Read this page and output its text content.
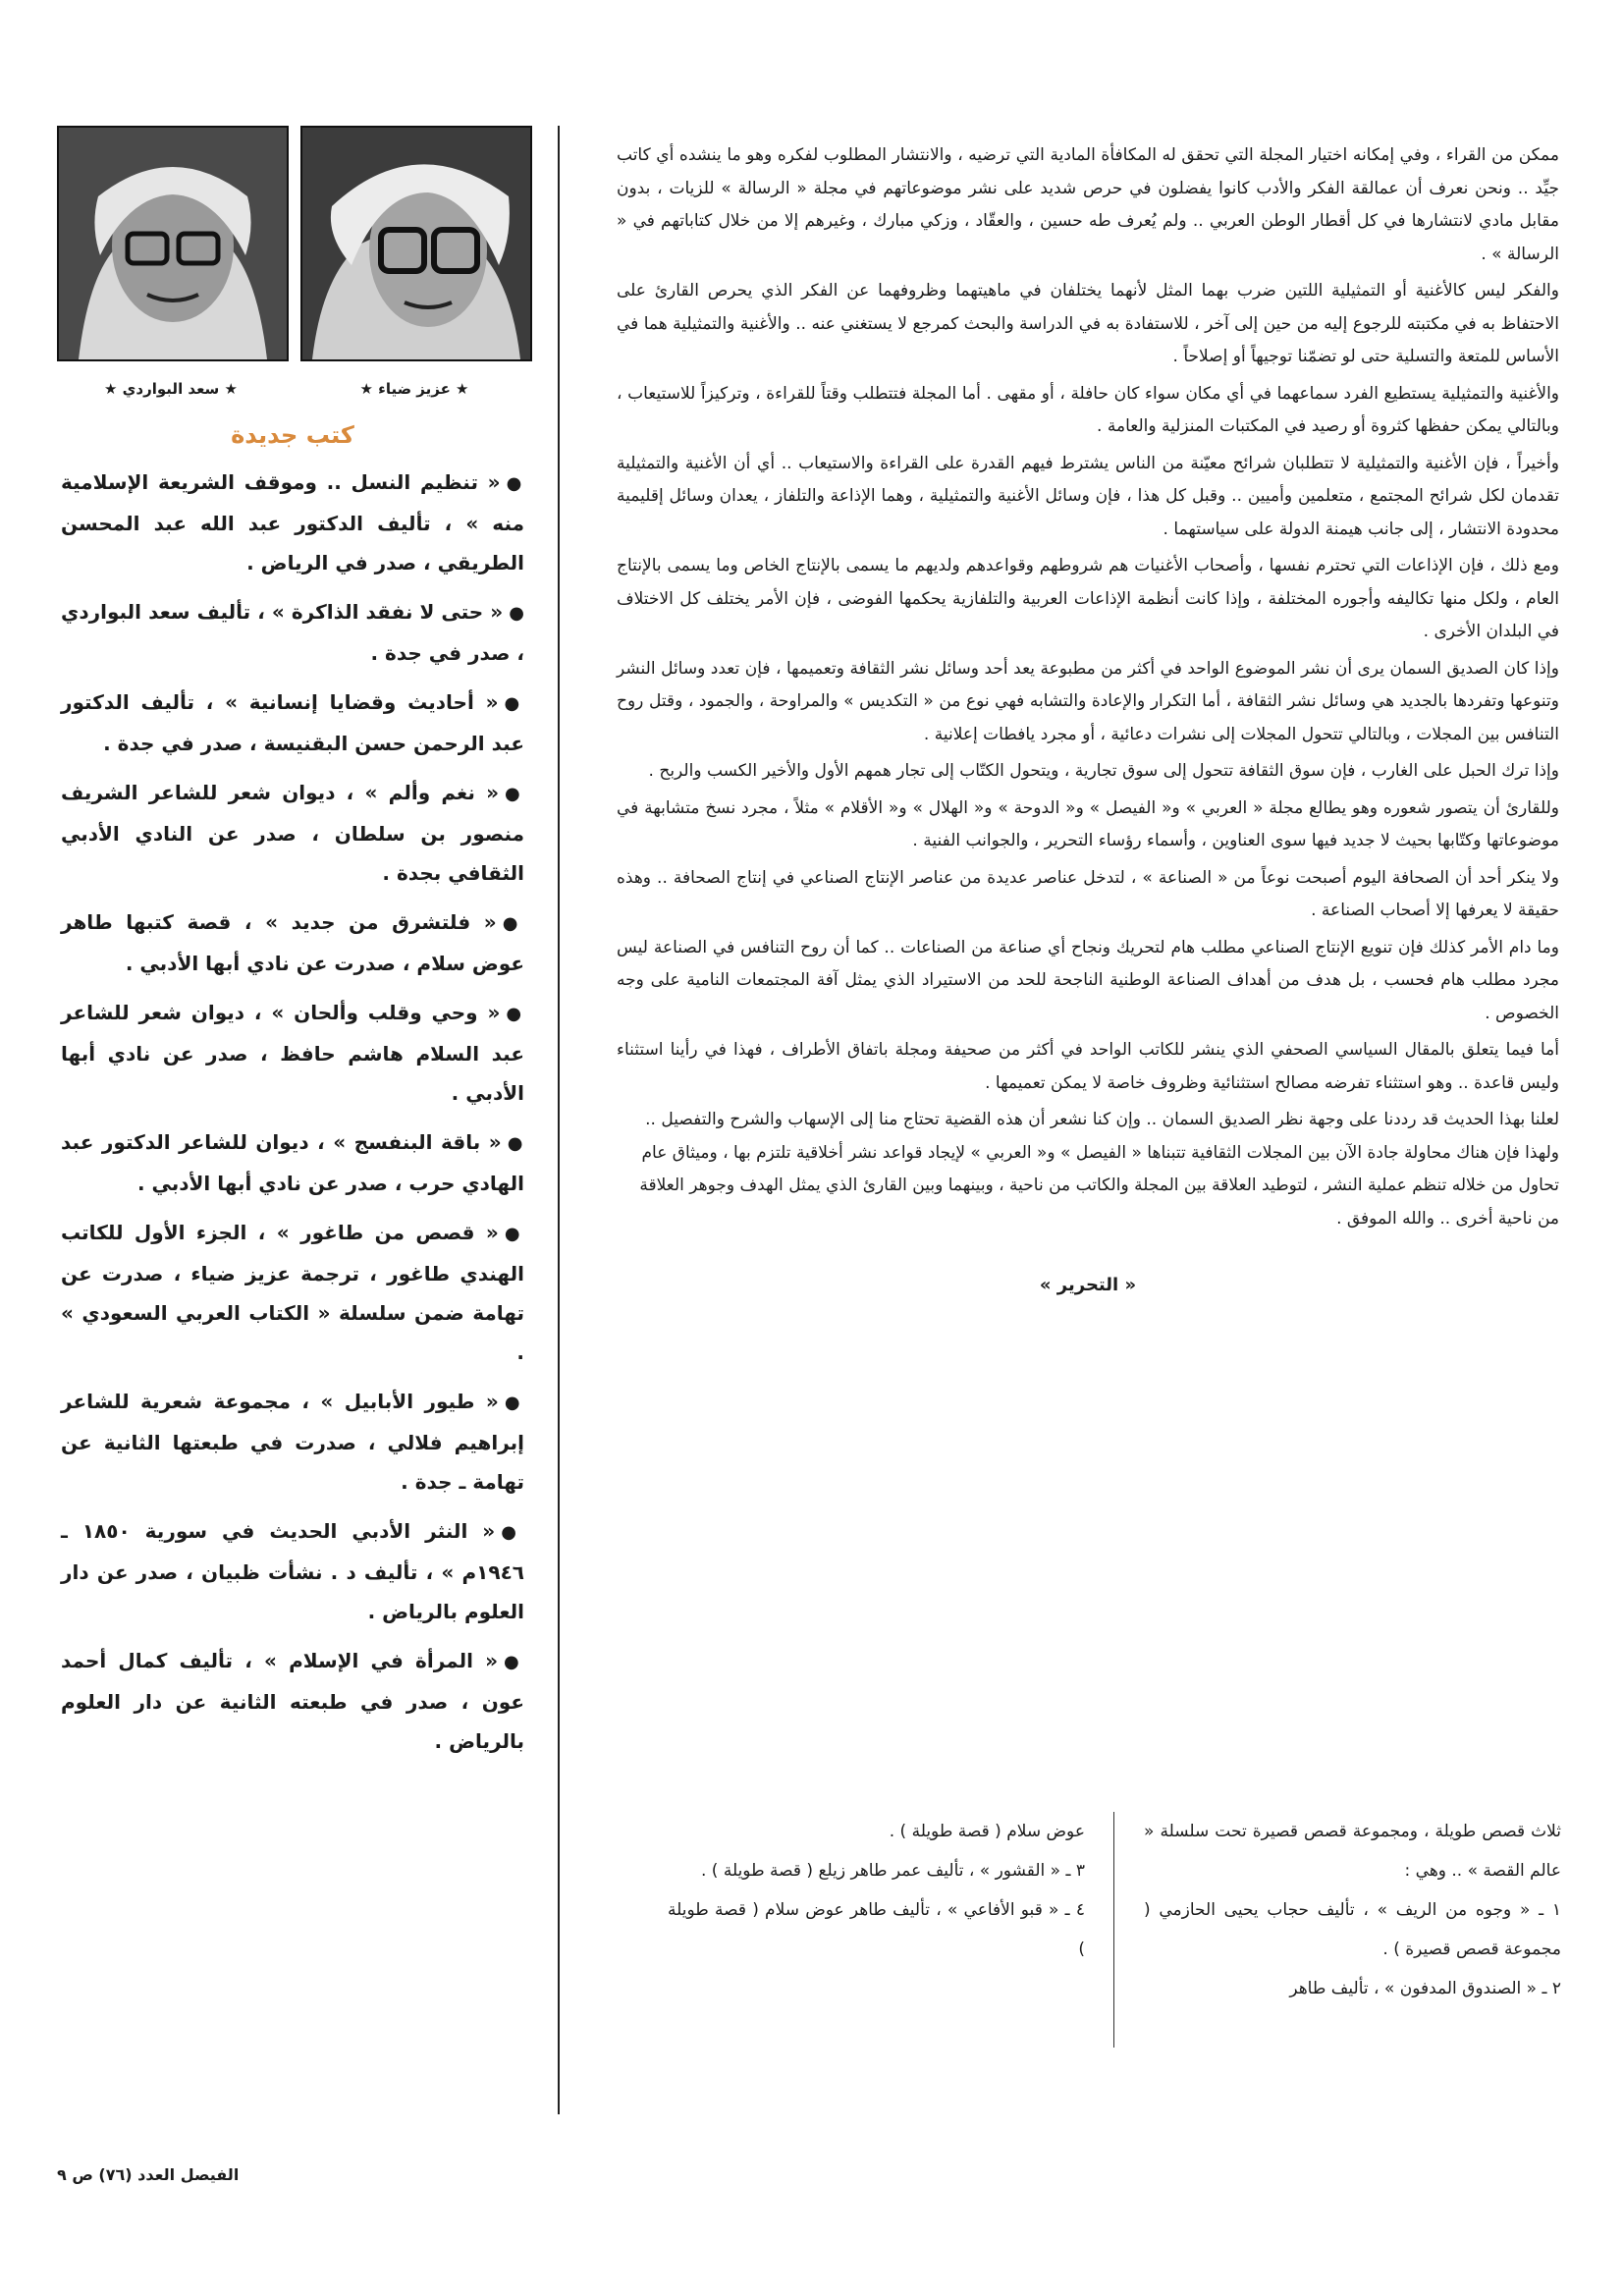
ممكن من القراء ، وفي إمكانه اختيار المجلة التي تحقق له المكافأة المادية التي ترضيه ، والانتشار المطلوب لفكره وهو ما ينشده أي كاتب جيِّد .. ونحن نعرف أن عمالقة الفكر والأدب كانوا يفضلون في حرص شديد على نشر موضوعاتهم في مجلة « الرسالة » للزيات ، بدون مقابل مادي لانتشارها في كل أقطار الوطن العربي .. ولم يُعرف طه حسين ، والعقّاد ، وزكي مبارك ، وغيرهم إلا من خلال كتاباتهم في « الرسالة » .

والفكر ليس كالأغنية أو التمثيلية اللتين ضرب بهما المثل لأنهما يختلفان في ماهيتهما وظروفهما عن الفكر الذي يحرص القارئ على الاحتفاظ به في مكتبته للرجوع إليه من حين إلى آخر ، للاستفادة به في الدراسة والبحث كمرجع لا يستغني عنه .. والأغنية والتمثيلية هما في الأساس للمتعة والتسلية حتى لو تضمّنا توجيهاً أو إصلاحاً .

والأغنية والتمثيلية يستطيع الفرد سماعهما في أي مكان سواء كان حافلة ، أو مقهى . أما المجلة فتتطلب وقتاً للقراءة ، وتركيزاً للاستيعاب ، وبالتالي يمكن حفظها كثروة أو رصيد في المكتبات المنزلية والعامة .

وأخيراً ، فإن الأغنية والتمثيلية لا تتطلبان شرائح معيّنة من الناس يشترط فيهم القدرة على القراءة والاستيعاب .. أي أن الأغنية والتمثيلية تقدمان لكل شرائح المجتمع ، متعلمين وأميين .. وقبل كل هذا ، فإن وسائل الأغنية والتمثيلية ، وهما الإذاعة والتلفاز ، يعدان وسائل إقليمية محدودة الانتشار ، إلى جانب هيمنة الدولة على سياستهما .

ومع ذلك ، فإن الإذاعات التي تحترم نفسها ، وأصحاب الأغنيات هم شروطهم وقواعدهم ولديهم ما يسمى بالإنتاج الخاص وما يسمى بالإنتاج العام ، ولكل منها تكاليفه وأجوره المختلفة ، وإذا كانت أنظمة الإذاعات العربية والتلفازية يحكمها الفوضى ، فإن الأمر يختلف كل الاختلاف في البلدان الأخرى .

وإذا كان الصديق السمان يرى أن نشر الموضوع الواحد في أكثر من مطبوعة يعد أحد وسائل نشر الثقافة وتعميمها ، فإن تعدد وسائل النشر وتنوعها وتفردها بالجديد هي وسائل نشر الثقافة ، أما التكرار والإعادة والتشابه فهي نوع من « التكديس » والمراوحة ، والجمود ، وقتل روح التنافس بين المجلات ، وبالتالي تتحول المجلات إلى نشرات دعائية ، أو مجرد يافطات إعلانية .

وإذا ترك الحبل على الغارب ، فإن سوق الثقافة تتحول إلى سوق تجارية ، ويتحول الكتّاب إلى تجار همهم الأول والأخير الكسب والربح .

وللقارئ أن يتصور شعوره وهو يطالع مجلة « العربي » و« الفيصل » و« الدوحة » و« الهلال » و« الأقلام » مثلاً ، مجرد نسخ متشابهة في موضوعاتها وكتّابها بحيث لا جديد فيها سوى العناوين ، وأسماء رؤساء التحرير ، والجوانب الفنية .

ولا ينكر أحد أن الصحافة اليوم أصبحت نوعاً من « الصناعة » ، لتدخل عناصر عديدة من عناصر الإنتاج الصناعي في إنتاج الصحافة .. وهذه حقيقة لا يعرفها إلا أصحاب الصناعة .

وما دام الأمر كذلك فإن تنويع الإنتاج الصناعي مطلب هام لتحريك ونجاح أي صناعة من الصناعات .. كما أن روح التنافس في الصناعة ليس مجرد مطلب هام فحسب ، بل هدف من أهداف الصناعة الوطنية الناجحة للحد من الاستيراد الذي يمثل آفة المجتمعات النامية على وجه الخصوص .

أما فيما يتعلق بالمقال السياسي الصحفي الذي ينشر للكاتب الواحد في أكثر من صحيفة ومجلة باتفاق الأطراف ، فهذا في رأينا استثناء وليس قاعدة .. وهو استثناء تفرضه مصالح استثنائية وظروف خاصة لا يمكن تعميمها .

لعلنا بهذا الحديث قد رددنا على وجهة نظر الصديق السمان .. وإن كنا نشعر أن هذه القضية تحتاج منا إلى الإسهاب والشرح والتفصيل .. ولهذا فإن هناك محاولة جادة الآن بين المجلات الثقافية تتبناها « الفيصل » و« العربي » لإيجاد قواعد نشر أخلاقية تلتزم بها ، وميثاق عام تحاول من خلاله تنظم عملية النشر ، لتوطيد العلاقة بين المجلة والكاتب من ناحية ، وبينهما وبين القارئ الذي يمثل الهدف وجوهر العلاقة من ناحية أخرى .. والله الموفق .

« التحرير »

ثلاث قصص طويلة ، ومجموعة قصص قصيرة تحت سلسلة « عالم القصة » .. وهي :

١ ـ « وجوه من الريف » ، تأليف حجاب يحيى الحازمي ( مجموعة قصص قصيرة ) .

٢ ـ « الصندوق المدفون » ، تأليف طاهر

عوض سلام ( قصة طويلة ) .

٣ ـ « القشور » ، تأليف عمر طاهر زيلع ( قصة طويلة ) .

٤ ـ « قبو الأفاعي » ، تأليف طاهر عوض سلام ( قصة طويلة )

★ سعد البواردي ★	★ عزيز ضياء ★
كتب جديدة

●« تنظيم النسل .. وموقف الشريعة الإسلامية منه » ، تأليف الدكتور عبد الله عبد المحسن الطريقي ، صدر في الرياض .

●« حتى لا نفقد الذاكرة » ، تأليف سعد البواردي ، صدر في جدة .

●« أحاديث وقضايا إنسانية » ، تأليف الدكتور عبد الرحمن حسن البقنيسة ، صدر في جدة .

●« نغم وألم » ، ديوان شعر للشاعر الشريف منصور بن سلطان ، صدر عن النادي الأدبي الثقافي بجدة .

●« فلتشرق من جديد » ، قصة كتبها طاهر عوض سلام ، صدرت عن نادي أبها الأدبي .

●« وحي وقلب وألحان » ، ديوان شعر للشاعر عبد السلام هاشم حافظ ، صدر عن نادي أبها الأدبي .

●« باقة البنفسج » ، ديوان للشاعر الدكتور عبد الهادي حرب ، صدر عن نادي أبها الأدبي .

●« قصص من طاغور » ، الجزء الأول للكاتب الهندي طاغور ، ترجمة عزيز ضياء ، صدرت عن تهامة ضمن سلسلة « الكتاب العربي السعودي » .

●« طيور الأبابيل » ، مجموعة شعرية للشاعر إبراهيم فلالي ، صدرت في طبعتها الثانية عن تهامة ـ جدة .

●« النثر الأدبي الحديث في سورية ١٨٥٠ ـ ١٩٤٦م » ، تأليف د . نشأت ظبيان ، صدر عن دار العلوم بالرياض .

●« المرأة في الإسلام » ، تأليف كمال أحمد عون ، صدر في طبعته الثانية عن دار العلوم بالرياض .

الفيصل العدد (٧٦) ص ٩
